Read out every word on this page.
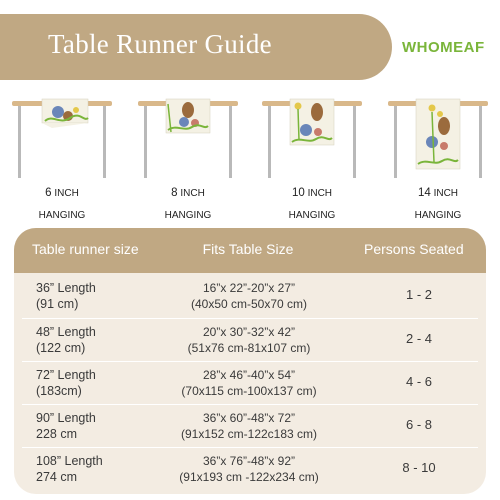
Table Runner Guide	WHOMEAF
6 INCH
HANGING
8 INCH
HANGING
10 INCH
HANGING
14 INCH
HANGING
Table runner size	Fits Table Size	Persons Seated
36” Length
(91 cm)
16”x 22”-20”x 27”
(40x50 cm-50x70 cm)
1 - 2
48” Length
(122 cm)
20”x 30”-32”x 42”
(51x76 cm-81x107 cm)
2 - 4
72” Length
(183cm)
28”x 46”-40”x 54”
(70x115 cm-100x137 cm)
4 - 6
90” Length
228 cm
36”x 60”-48”x 72”
(91x152 cm-122c183 cm)
6 - 8
108” Length
274 cm
36”x 76”-48”x 92”
(91x193 cm -122x234 cm)
8 - 10
